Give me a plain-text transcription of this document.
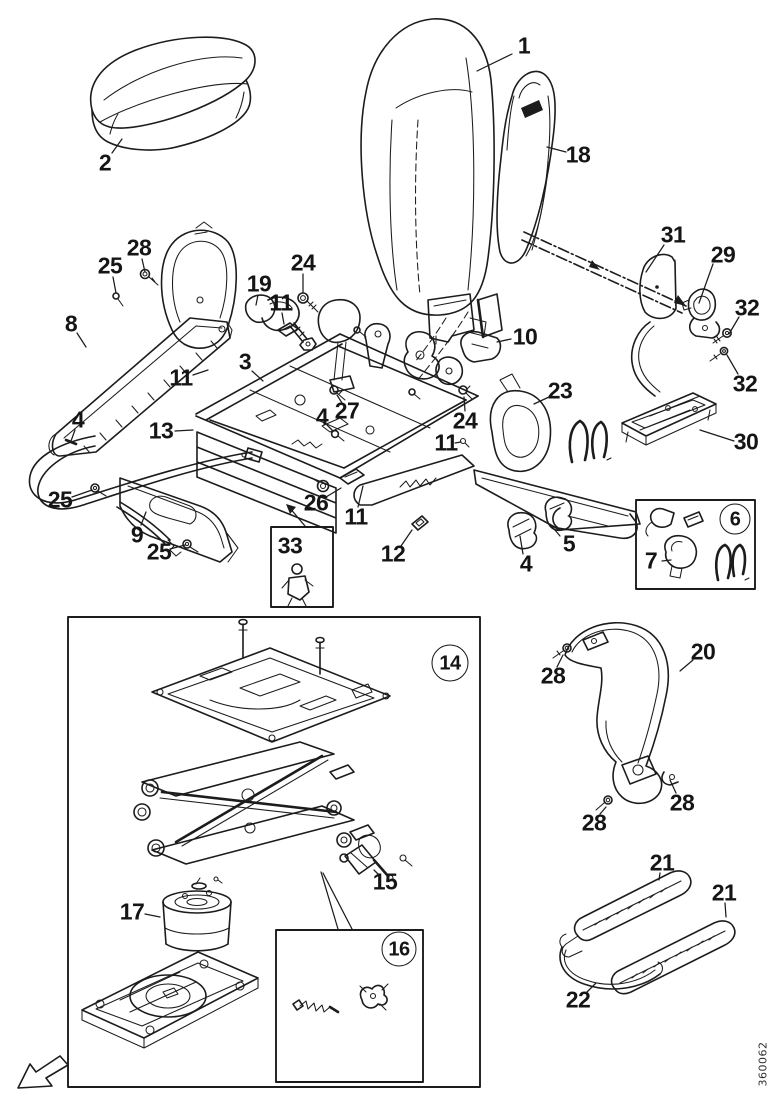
1
2	18
31
29
32
32
30
28
25
8
19
24
11
10
3
11
13
4	27
4	24
23
11
25
9
25
26
11
12	5
4	7
17
15
20
28
28
28
21
21
22
33
6
14
16
360062
